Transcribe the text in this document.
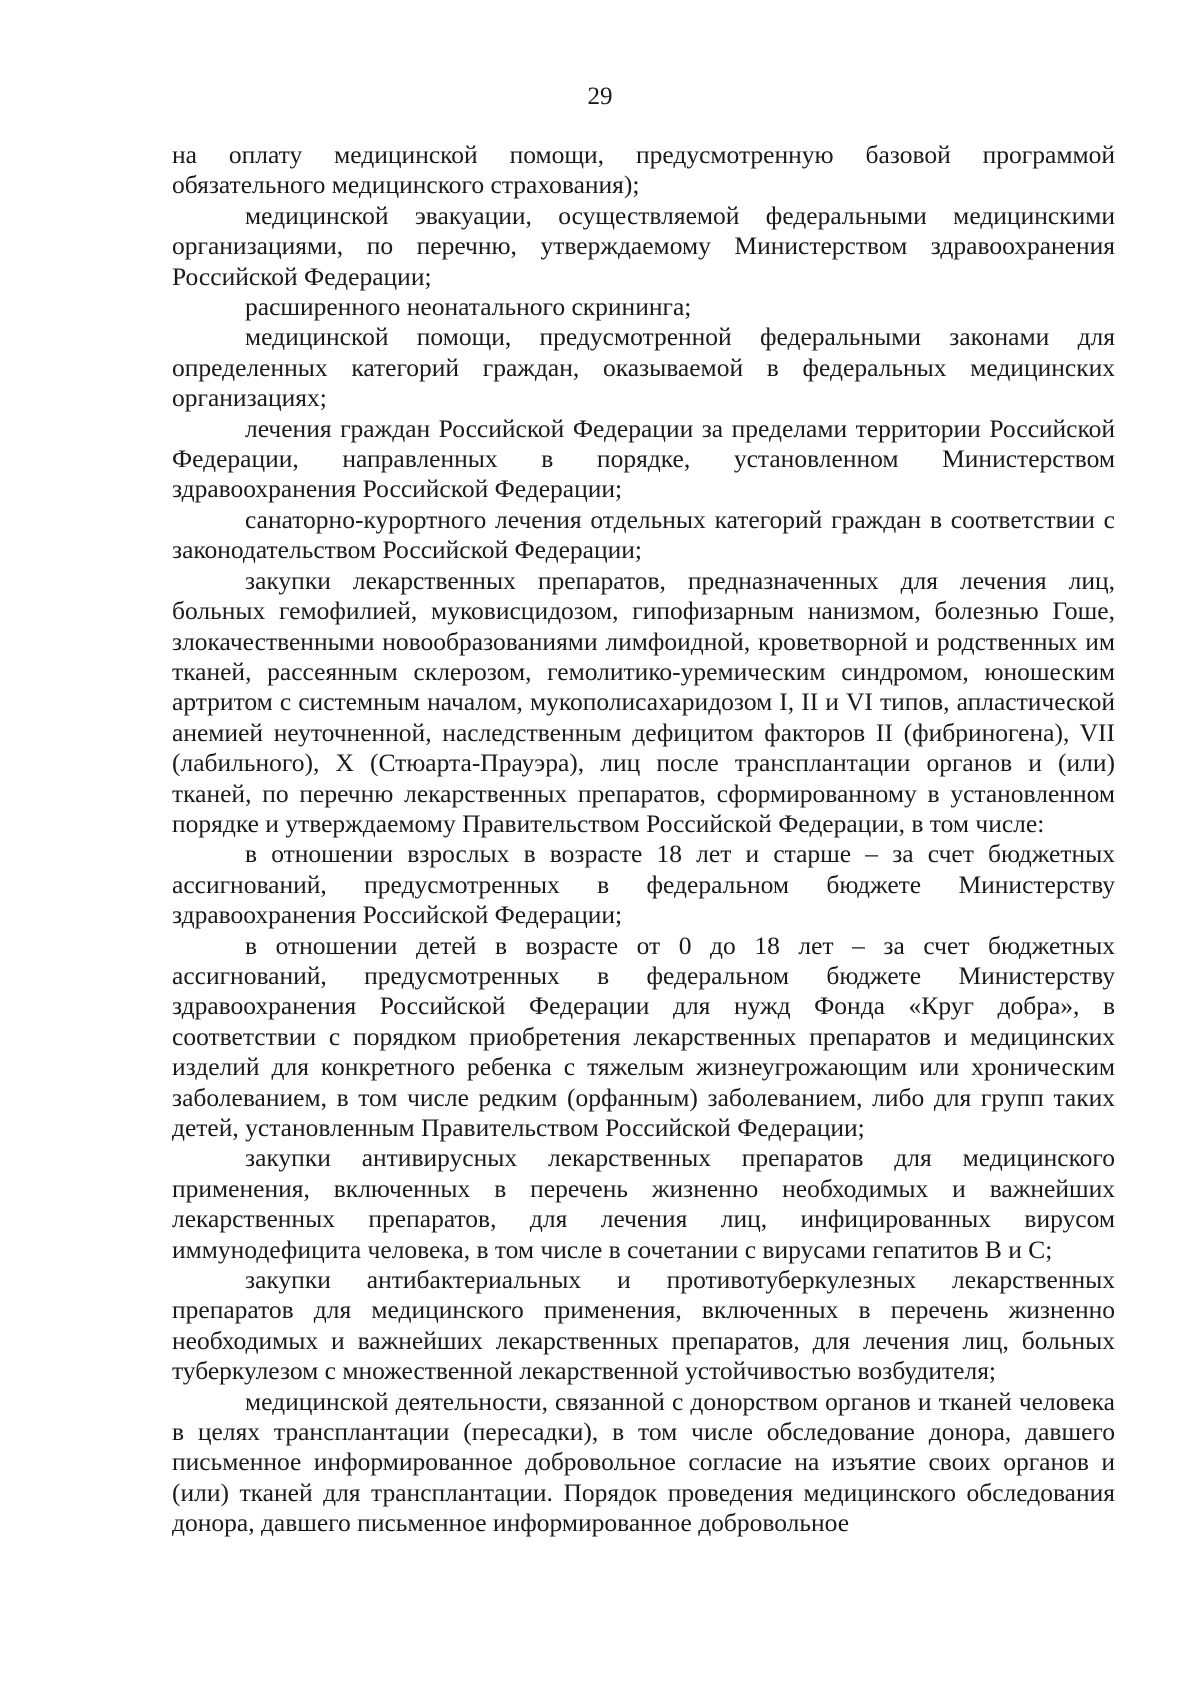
29

на оплату медицинской помощи, предусмотренную базовой программой обязательного медицинского страхования);

медицинской эвакуации, осуществляемой федеральными медицинскими организациями, по перечню, утверждаемому Министерством здравоохранения Российской Федерации;

расширенного неонатального скрининга;

медицинской помощи, предусмотренной федеральными законами для определенных категорий граждан, оказываемой в федеральных медицинских организациях;

лечения граждан Российской Федерации за пределами территории Российской Федерации, направленных в порядке, установленном Министерством здравоохранения Российской Федерации;

санаторно-курортного лечения отдельных категорий граждан в соответствии с законодательством Российской Федерации;

закупки лекарственных препаратов, предназначенных для лечения лиц, больных гемофилией, муковисцидозом, гипофизарным нанизмом, болезнью Гоше, злокачественными новообразованиями лимфоидной, кроветворной и родственных им тканей, рассеянным склерозом, гемолитико-уремическим синдромом, юношеским артритом с системным началом, мукополисахаридозом I, II и VI типов, апластической анемией неуточненной, наследственным дефицитом факторов II (фибриногена), VII (лабильного), X (Стюарта-Прауэра), лиц после трансплантации органов и (или) тканей, по перечню лекарственных препаратов, сформированному в установленном порядке и утверждаемому Правительством Российской Федерации, в том числе:

в отношении взрослых в возрасте 18 лет и старше – за счет бюджетных ассигнований, предусмотренных в федеральном бюджете Министерству здравоохранения Российской Федерации;

в отношении детей в возрасте от 0 до 18 лет – за счет бюджетных ассигнований, предусмотренных в федеральном бюджете Министерству здравоохранения Российской Федерации для нужд Фонда «Круг добра», в соответствии с порядком приобретения лекарственных препаратов и медицинских изделий для конкретного ребенка с тяжелым жизнеугрожающим или хроническим заболеванием, в том числе редким (орфанным) заболеванием, либо для групп таких детей, установленным Правительством Российской Федерации;

закупки антивирусных лекарственных препаратов для медицинского применения, включенных в перечень жизненно необходимых и важнейших лекарственных препаратов, для лечения лиц, инфицированных вирусом иммунодефицита человека, в том числе в сочетании с вирусами гепатитов B и C;

закупки антибактериальных и противотуберкулезных лекарственных препаратов для медицинского применения, включенных в перечень жизненно необходимых и важнейших лекарственных препаратов, для лечения лиц, больных туберкулезом с множественной лекарственной устойчивостью возбудителя;

медицинской деятельности, связанной с донорством органов и тканей человека в целях трансплантации (пересадки), в том числе обследование донора, давшего письменное информированное добровольное согласие на изъятие своих органов и (или) тканей для трансплантации. Порядок проведения медицинского обследования донора, давшего письменное информированное добровольное
